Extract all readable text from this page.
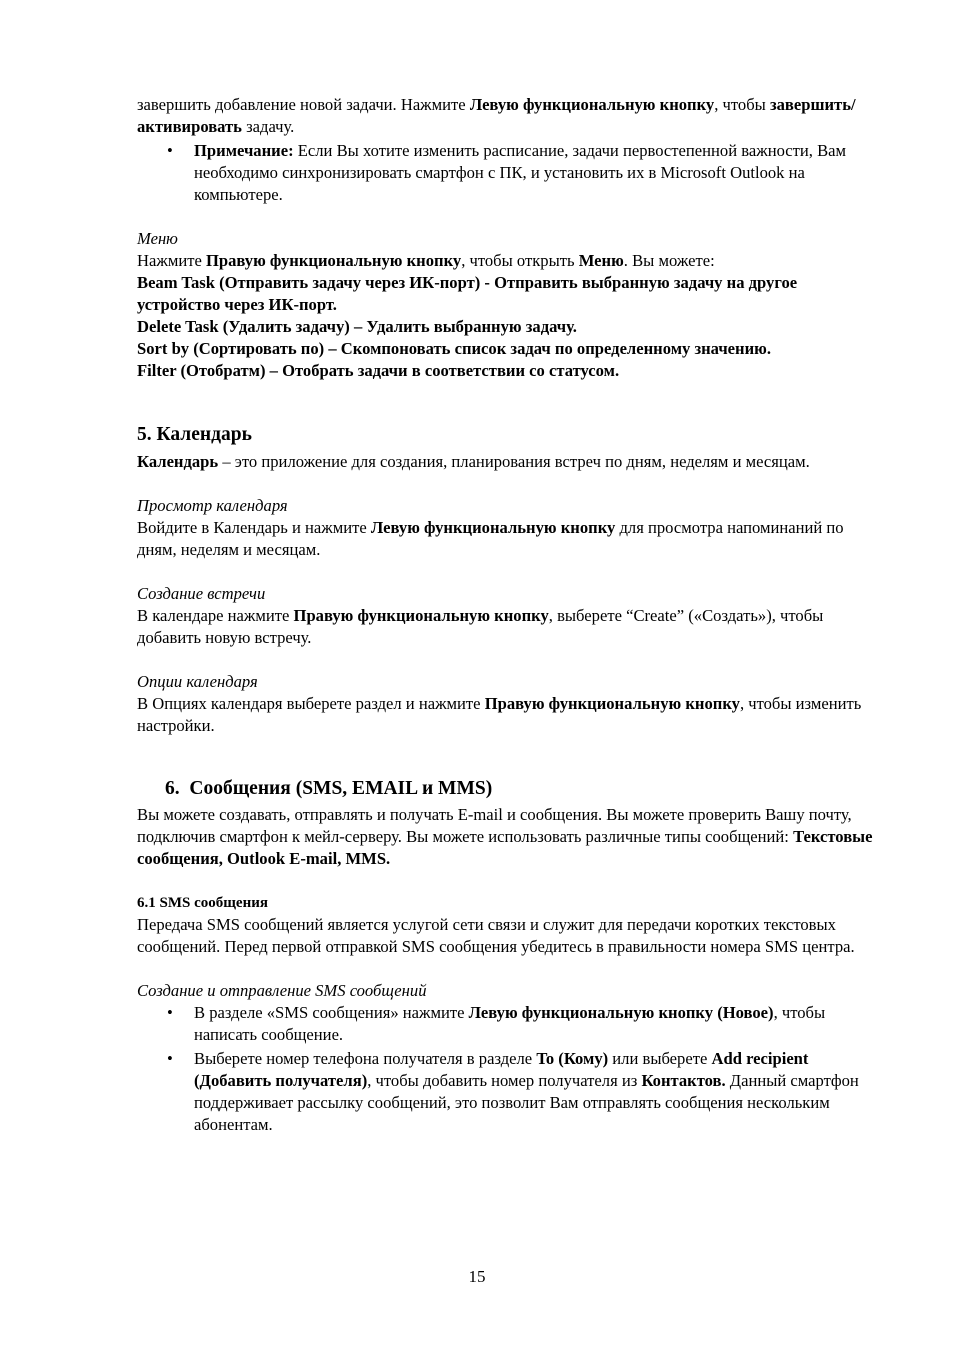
завершить добавление новой задачи. Нажмите Левую функциональную кнопку, чтобы завершить/активировать задачу.

• Примечание: Если Вы хотите изменить расписание, задачи первостепенной важности, Вам необходимо синхронизировать смартфон с ПК, и установить их в Microsoft Outlook на компьютере.

Меню

Нажмите Правую функциональную кнопку, чтобы открыть Меню. Вы можете:

Beam Task (Отправить задачу через ИК-порт) - Отправить выбранную задачу на другое устройство через ИК-порт.

Delete Task (Удалить задачу) – Удалить выбранную задачу.

Sort by (Сортировать по) – Скомпоновать список задач по определенному значению.

Filter (Отобратм) – Отобрать задачи в соответствии со статусом.

5. Календарь

Календарь – это приложение для создания, планирования встреч по дням, неделям и месяцам.

Просмотр календаря

Войдите в Календарь и нажмите Левую функциональную кнопку для просмотра напоминаний по дням, неделям и месяцам.

Создание встречи

В календаре нажмите Правую функциональную кнопку, выберете “Create” («Создать»), чтобы добавить новую встречу.

Опции календаря

В Опциях календаря выберете раздел и нажмите Правую функциональную кнопку, чтобы изменить настройки.

6. Сообщения (SMS, EMAIL и MMS)

Вы можете создавать, отправлять и получать E-mail и сообщения. Вы можете проверить Вашу почту, подключив смартфон к мейл-серверу. Вы можете использовать различные типы сообщений: Текстовые сообщения, Outlook E-mail, MMS.

6.1 SMS сообщения

Передача SMS сообщений является услугой сети связи и служит для передачи коротких текстовых сообщений. Перед первой отправкой SMS сообщения убедитесь в правильности номера SMS центра.

Создание и отправление SMS сообщений

• В разделе «SMS сообщения» нажмите Левую функциональную кнопку (Новое), чтобы написать сообщение.
• Выберете номер телефона получателя в разделе To (Кому) или выберете Add recipient (Добавить получателя), чтобы добавить номер получателя из Контактов. Данный смартфон поддерживает рассылку сообщений, это позволит Вам отправлять сообщения нескольким абонентам.
15
